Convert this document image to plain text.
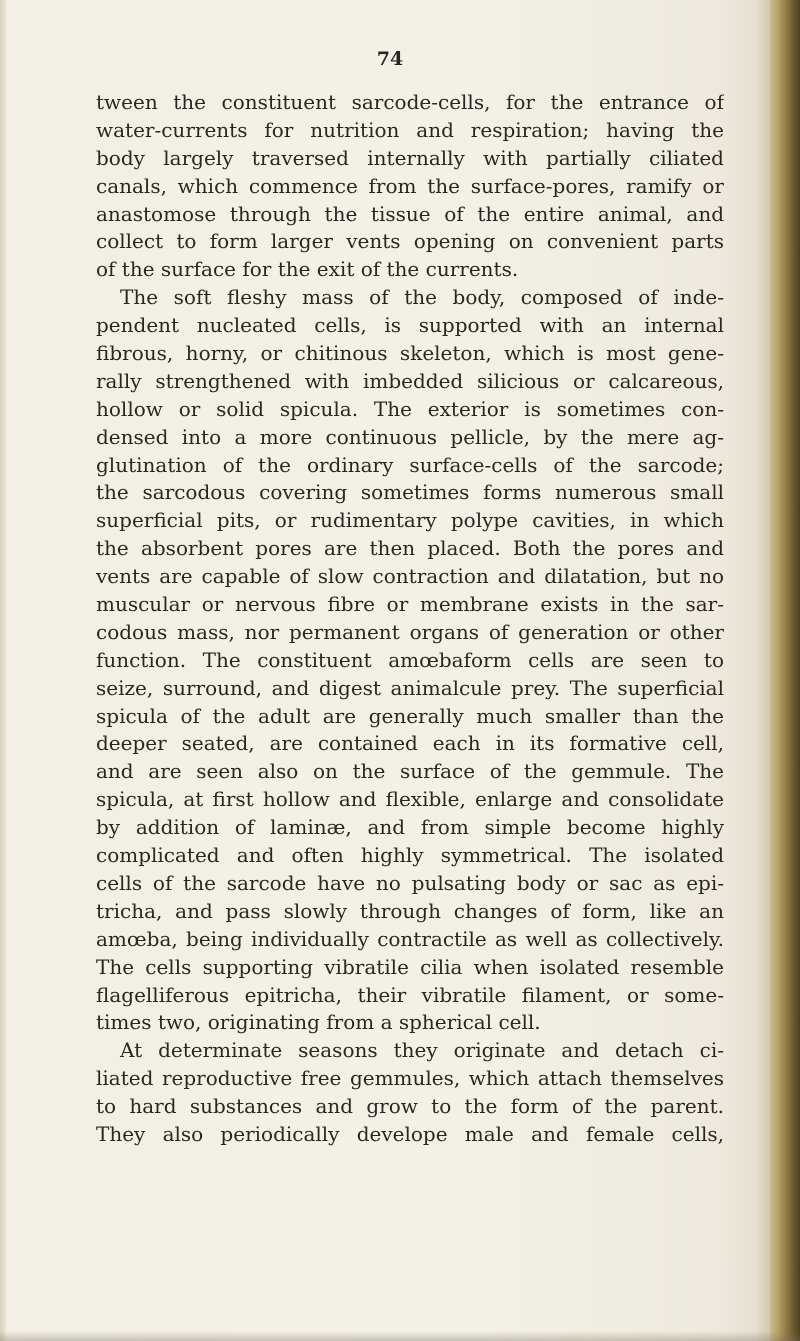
74
tween the constituent sarcode-cells, for the entrance of
water-currents for nutrition and respiration; having the
body largely traversed internally with partially ciliated
canals, which commence from the surface-pores, ramify or
anastomose through the tissue of the entire animal, and
collect to form larger vents opening on convenient parts
of the surface for the exit of the currents.
The soft fleshy mass of the body, composed of inde-
pendent nucleated cells, is supported with an internal
fibrous, horny, or chitinous skeleton, which is most gene-
rally strengthened with imbedded silicious or calcareous,
hollow or solid spicula. The exterior is sometimes con-
densed into a more continuous pellicle, by the mere ag-
glutination of the ordinary surface-cells of the sarcode;
the sarcodous covering sometimes forms numerous small
superficial pits, or rudimentary polype cavities, in which
the absorbent pores are then placed. Both the pores and
vents are capable of slow contraction and dilatation, but no
muscular or nervous fibre or membrane exists in the sar-
codous mass, nor permanent organs of generation or other
function. The constituent amœbaform cells are seen to
seize, surround, and digest animalcule prey. The superficial
spicula of the adult are generally much smaller than the
deeper seated, are contained each in its formative cell,
and are seen also on the surface of the gemmule. The
spicula, at first hollow and flexible, enlarge and consolidate
by addition of laminæ, and from simple become highly
complicated and often highly symmetrical. The isolated
cells of the sarcode have no pulsating body or sac as epi-
tricha, and pass slowly through changes of form, like an
amœba, being individually contractile as well as collectively.
The cells supporting vibratile cilia when isolated resemble
flagelliferous epitricha, their vibratile filament, or some-
times two, originating from a spherical cell.
At determinate seasons they originate and detach ci-
liated reproductive free gemmules, which attach themselves
to hard substances and grow to the form of the parent.
They also periodically develope male and female cells,
